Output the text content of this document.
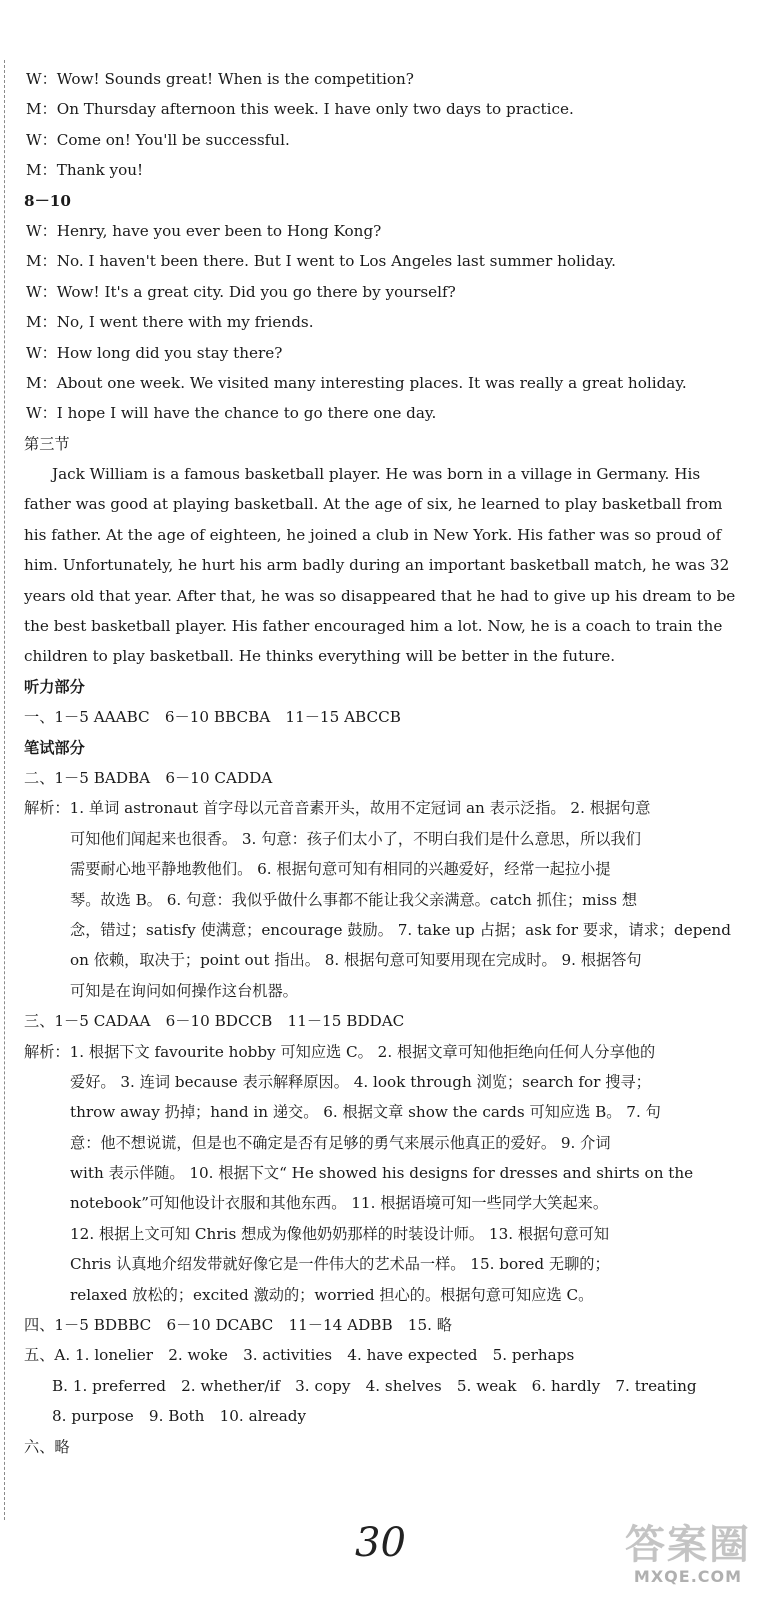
W：Wow! Sounds great! When is the competition?
M：On Thursday afternoon this week. I have only two days to practice.
W：Come on! You'll be successful.
M：Thank you!
8－10
W：Henry, have you ever been to Hong Kong?
M：No. I haven't been there. But I went to Los Angeles last summer holiday.
W：Wow! It's a great city. Did you go there by yourself?
M：No, I went there with my friends.
W：How long did you stay there?
M：About one week. We visited many interesting places. It was really a great holiday.
W：I hope I will have the chance to go there one day.
第三节
Jack William is a famous basketball player. He was born in a village in Germany. His
father was good at playing basketball. At the age of six, he learned to play basketball from
his father. At the age of eighteen, he joined a club in New York. His father was so proud of
him. Unfortunately, he hurt his arm badly during an important basketball match, he was 32
years old that year. After that, he was so disappeared that he had to give up his dream to be
the best basketball player. His father encouraged him a lot. Now, he is a coach to train the
children to play basketball. He thinks everything will be better in the future.
听力部分
一、1－5 AAABC　6－10 BBCBA　11－15 ABCCB
笔试部分
二、1－5 BADBA　6－10 CADDA
解析：1. 单词 astronaut 首字母以元音音素开头，故用不定冠词 an 表示泛指。 2. 根据句意
可知他们闻起来也很香。 3. 句意：孩子们太小了，不明白我们是什么意思，所以我们
需要耐心地平静地教他们。 6. 根据句意可知有相同的兴趣爱好，经常一起拉小提
琴。故选 B。 6. 句意：我似乎做什么事都不能让我父亲满意。catch 抓住；miss 想
念，错过；satisfy 使满意；encourage 鼓励。 7. take up 占据；ask for 要求，请求；depend
on 依赖，取决于；point out 指出。 8. 根据句意可知要用现在完成时。 9. 根据答句
可知是在询问如何操作这台机器。
三、1－5 CADAA　6－10 BDCCB　11－15 BDDAC
解析：1. 根据下文 favourite hobby 可知应选 C。 2. 根据文章可知他拒绝向任何人分享他的
爱好。 3. 连词 because 表示解释原因。 4. look through 浏览；search for 搜寻；
throw away 扔掉；hand in 递交。 6. 根据文章 show the cards 可知应选 B。 7. 句
意：他不想说谎，但是也不确定是否有足够的勇气来展示他真正的爱好。 9. 介词
with 表示伴随。 10. 根据下文“ He showed his designs for dresses and shirts on the
notebook”可知他设计衣服和其他东西。 11. 根据语境可知一些同学大笑起来。
12. 根据上文可知 Chris 想成为像他奶奶那样的时装设计师。 13. 根据句意可知
Chris 认真地介绍发带就好像它是一件伟大的艺术品一样。 15. bored 无聊的；
relaxed 放松的；excited 激动的；worried 担心的。根据句意可知应选 C。
四、1－5 BDBBC　6－10 DCABC　11－14 ADBB　15. 略
五、A. 1. lonelier　2. woke　3. activities　4. have expected　5. perhaps
B. 1. preferred　2. whether/if　3. copy　4. shelves　5. weak　6. hardly　7. treating
8. purpose　9. Both　10. already
六、略
30	答案圈
MXQE.COM
